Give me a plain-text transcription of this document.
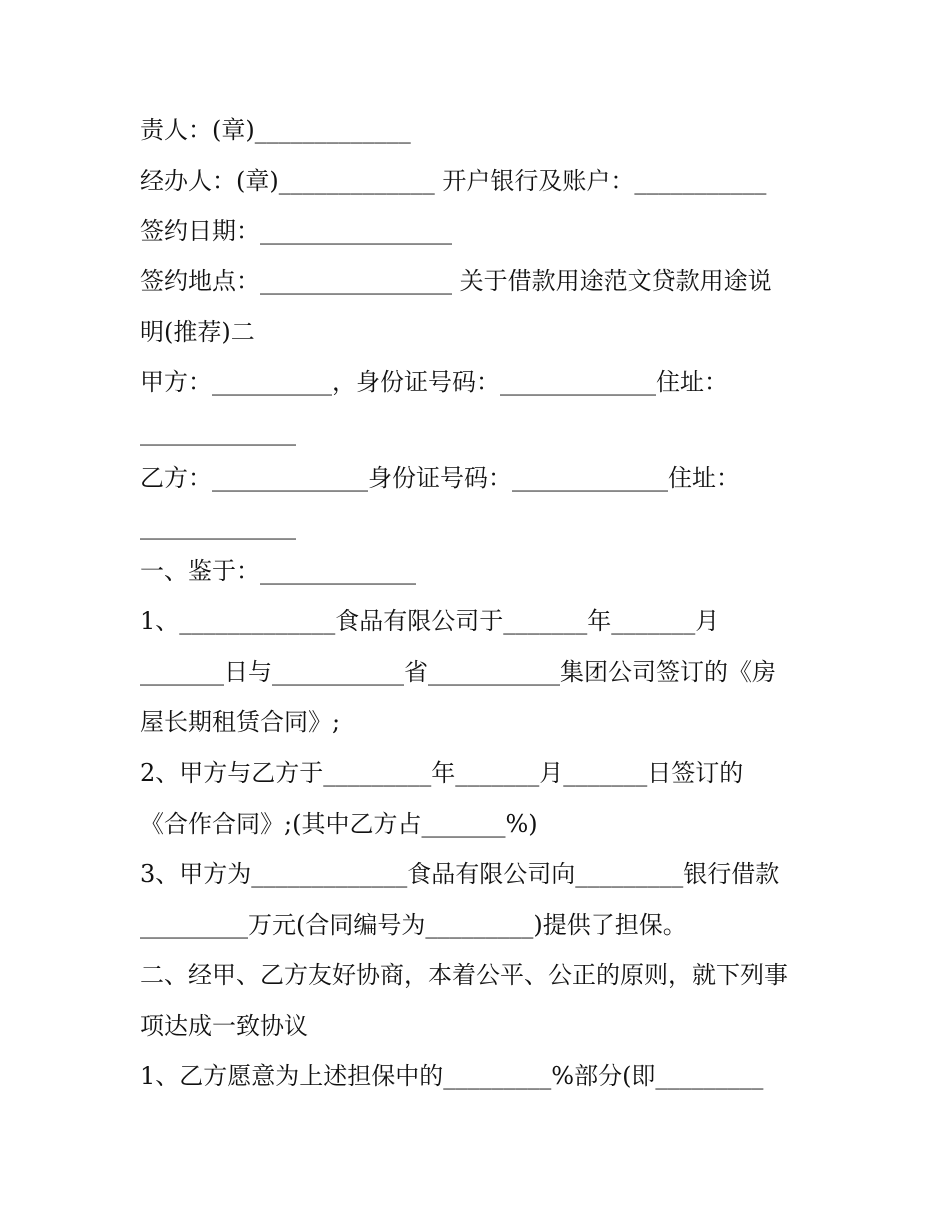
责人：(章)_____________
经办人：(章)_____________ 开户银行及账户：___________
签约日期：________________
签约地点：________________ 关于借款用途范文贷款用途说
明(推荐)二
甲方：__________，身份证号码：_____________住址：
_____________
乙方：_____________身份证号码：_____________住址：
_____________
一、鉴于：_____________
1、_____________食品有限公司于_______年_______月
_______日与___________省___________集团公司签订的《房
屋长期租赁合同》;
2、甲方与乙方于_________年_______月_______日签订的
《合作合同》;(其中乙方占_______%)
3、甲方为_____________食品有限公司向_________银行借款
_________万元(合同编号为_________)提供了担保。
二、经甲、乙方友好协商，本着公平、公正的原则，就下列事
项达成一致协议
1、乙方愿意为上述担保中的_________%部分(即_________
